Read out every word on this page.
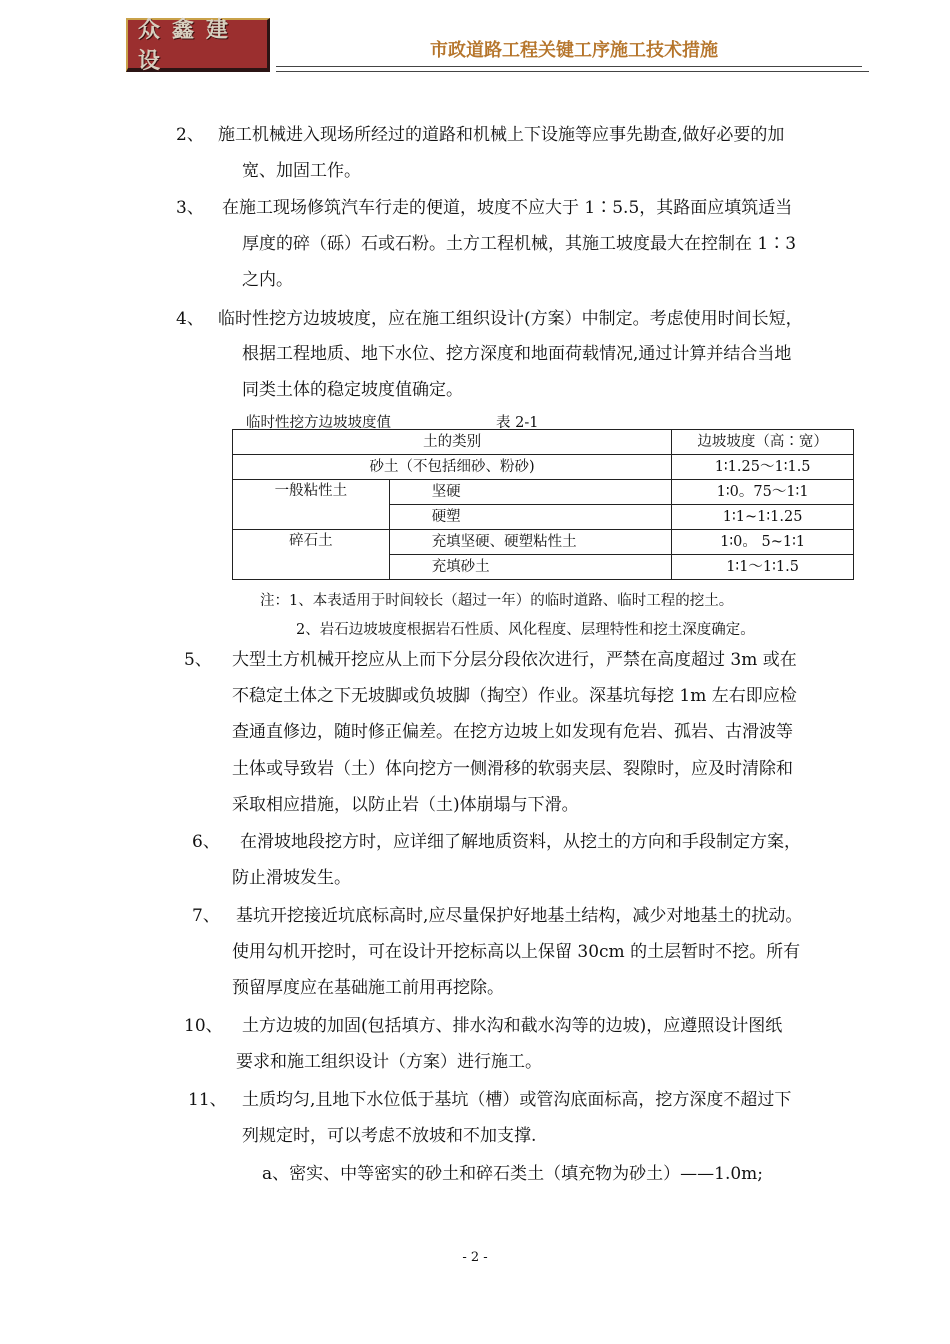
众鑫建设	市政道路工程关键工序施工技术措施
2、 施工机械进入现场所经过的道路和机械上下设施等应事先勘查,做好必要的加
宽、加固工作。
3、 在施工现场修筑汽车行走的便道，坡度不应大于 1∶5.5，其路面应填筑适当
厚度的碎（砾）石或石粉。土方工程机械，其施工坡度最大在控制在 1∶3
之内。
4、 临时性挖方边坡坡度，应在施工组织设计(方案）中制定。考虑使用时间长短，
根据工程地质、地下水位、挖方深度和地面荷载情况,通过计算并结合当地
同类土体的稳定坡度值确定。
临时性挖方边坡坡度值	表 2-1
土的类别		边坡坡度（高∶宽）
砂土（不包括细砂、粉砂)		1∶1.25～1∶1.5
一般粘性土	坚硬	1∶0。75～1∶1
	硬塑	1∶1~1∶1.25
碎石土	充填坚硬、硬塑粘性土	1∶0。 5~1∶1
	充填砂土	1∶1～1∶1.5
注：1、本表适用于时间较长（超过一年）的临时道路、临时工程的挖土。
2、岩石边坡坡度根据岩石性质、风化程度、层理特性和挖土深度确定。
5、 大型土方机械开挖应从上而下分层分段依次进行，严禁在高度超过 3m 或在
不稳定土体之下无坡脚或负坡脚（掏空）作业。深基坑每挖 1m 左右即应检
查通直修边，随时修正偏差。在挖方边坡上如发现有危岩、孤岩、古滑波等
土体或导致岩（土）体向挖方一侧滑移的软弱夹层、裂隙时，应及时清除和
采取相应措施，以防止岩（土)体崩塌与下滑。
6、 在滑坡地段挖方时，应详细了解地质资料，从挖土的方向和手段制定方案，
防止滑坡发生。
7、 基坑开挖接近坑底标高时,应尽量保护好地基土结构，减少对地基土的扰动。
使用勾机开挖时，可在设计开挖标高以上保留 30cm 的土层暂时不挖。所有
预留厚度应在基础施工前用再挖除。
10、 土方边坡的加固(包括填方、排水沟和截水沟等的边坡)，应遵照设计图纸
要求和施工组织设计（方案）进行施工。
11、 土质均匀,且地下水位低于基坑（槽）或管沟底面标高，挖方深度不超过下
列规定时，可以考虑不放坡和不加支撑.
a、密实、中等密实的砂土和碎石类土（填充物为砂土）——1.0m;
- 2 -
